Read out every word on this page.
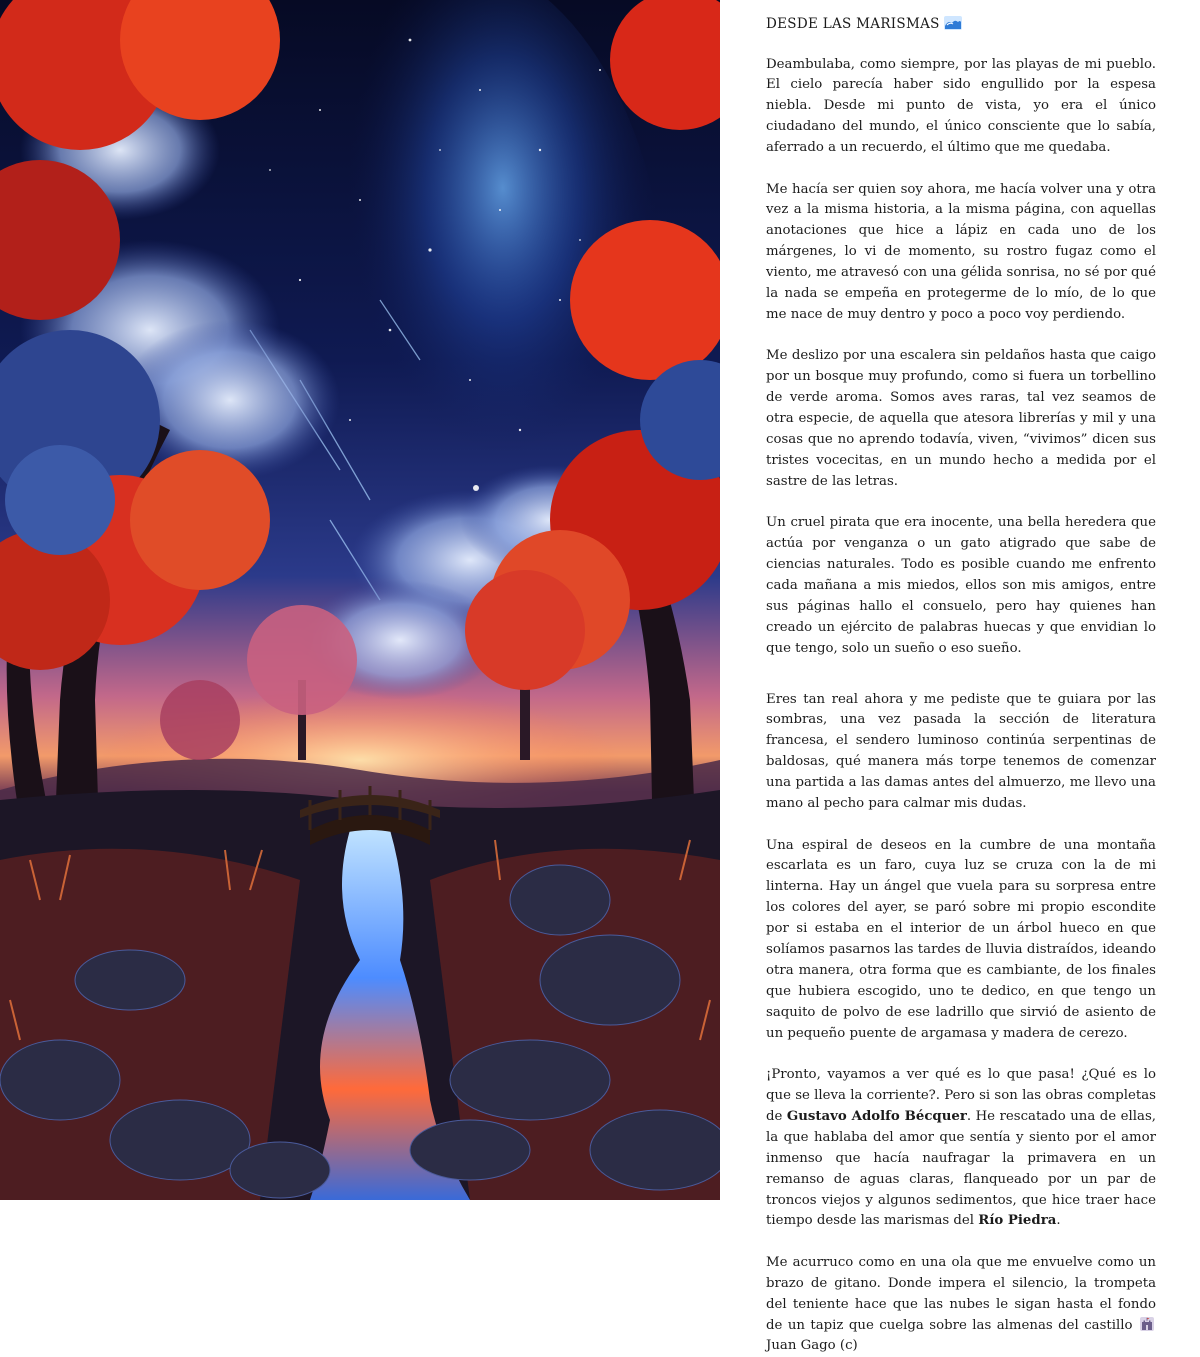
DESDE LAS MARISMAS

Deambulaba, como siempre, por las playas de mi pueblo. El cielo parecía haber sido engullido por la espesa niebla. Desde mi punto de vista, yo era el único ciudadano del mundo, el único consciente que lo sabía, aferrado a un recuerdo, el último que me quedaba.

Me hacía ser quien soy ahora, me hacía volver una y otra vez a la misma historia, a la misma página, con aquellas anotaciones que hice a lápiz en cada uno de los márgenes, lo vi de momento, su rostro fugaz como el viento, me atravesó con una gélida sonrisa, no sé por qué la nada se empeña en protegerme de lo mío, de lo que me nace de muy dentro y poco a poco voy perdiendo.

Me deslizo por una escalera sin peldaños hasta que caigo por un bosque muy profundo, como si fuera un torbellino de verde aroma. Somos aves raras, tal vez seamos de otra especie, de aquella que atesora librerías y mil y una cosas que no aprendo todavía, viven, “vivimos” dicen sus tristes vocecitas, en un mundo hecho a medida por el sastre de las letras.

Un cruel pirata que era inocente, una bella heredera que actúa por venganza o un gato atigrado que sabe de ciencias naturales. Todo es posible cuando me enfrento cada mañana a mis miedos, ellos son mis amigos, entre sus páginas hallo el consuelo, pero hay quienes han creado un ejército de palabras huecas y que envidian lo que tengo, solo un sueño o eso sueño.

Eres tan real ahora y me pediste que te guiara por las sombras, una vez pasada la sección de literatura francesa, el sendero luminoso continúa serpentinas de baldosas, qué manera más torpe tenemos de comenzar una partida a las damas antes del almuerzo, me llevo una mano al pecho para calmar mis dudas.

Una espiral de deseos en la cumbre de una montaña escarlata es un faro, cuya luz se cruza con la de mi linterna. Hay un ángel que vuela para su sorpresa entre los colores del ayer, se paró sobre mi propio escondite por si estaba en el interior de un árbol hueco en que solíamos pasarnos las tardes de lluvia distraídos, ideando otra manera, otra forma que es cambiante, de los finales que hubiera escogido, uno te dedico, en que tengo un saquito de polvo de ese ladrillo que sirvió de asiento de un pequeño puente de argamasa y madera de cerezo.

¡Pronto, vayamos a ver qué es lo que pasa! ¿Qué es lo que se lleva la corriente?. Pero si son las obras completas de Gustavo Adolfo Bécquer. He rescatado una de ellas, la que hablaba del amor que sentía y siento por el amor inmenso que hacía naufragar la primavera en un remanso de aguas claras, flanqueado por un par de troncos viejos y algunos sedimentos, que hice traer hace tiempo desde las marismas del Río Piedra.

Me acurruco como en una ola que me envuelve como un brazo de gitano. Donde impera el silencio, la trompeta del teniente hace que las nubes le sigan hasta el fondo de un tapiz que cuelga sobre las almenas del castillo  Juan Gago (c)
